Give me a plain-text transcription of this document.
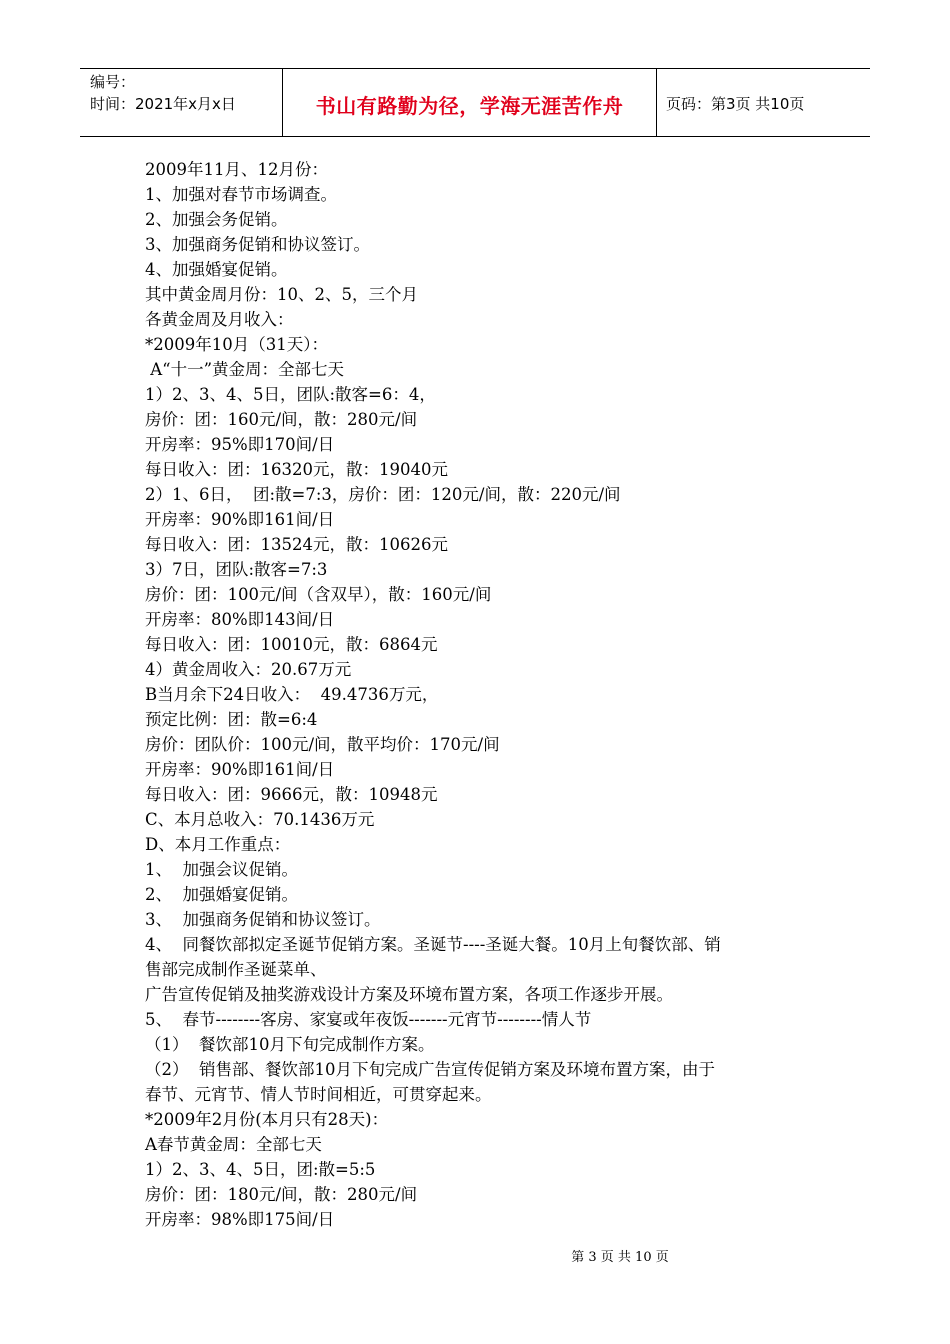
编号：
时间：2021年x月x日	书山有路勤为径，学海无涯苦作舟	页码：第3页 共10页
2009年11月、12月份：
1、加强对春节市场调查。
2、加强会务促销。
3、加强商务促销和协议签订。
4、加强婚宴促销。
其中黄金周月份：10、2、5，三个月
各黄金周及月收入：
*2009年10月（31天）：
A“十一”黄金周：全部七天
1）2、3、4、5日，团队:散客=6：4，
房价：团：160元/间，散：280元/间
开房率：95%即170间/日
每日收入：团：16320元，散：19040元
2）1、6日，  团:散=7:3，房价：团：120元/间，散：220元/间
开房率：90%即161间/日
每日收入：团：13524元，散：10626元
3）7日，团队:散客=7:3
房价：团：100元/间（含双早），散：160元/间
开房率：80%即143间/日
每日收入：团：10010元，散：6864元
4）黄金周收入：20.67万元
B当月余下24日收入：  49.4736万元，
预定比例：团：散=6:4
房价：团队价：100元/间，散平均价：170元/间
开房率：90%即161间/日
每日收入：团：9666元，散：10948元
C、本月总收入：70.1436万元
D、本月工作重点：
1、  加强会议促销。
2、  加强婚宴促销。
3、  加强商务促销和协议签订。
4、  同餐饮部拟定圣诞节促销方案。圣诞节----圣诞大餐。10月上旬餐饮部、销
售部完成制作圣诞菜单、
广告宣传促销及抽奖游戏设计方案及环境布置方案，各项工作逐步开展。
5、  春节--------客房、家宴或年夜饭-------元宵节--------情人节
（1）  餐饮部10月下旬完成制作方案。
（2）  销售部、餐饮部10月下旬完成广告宣传促销方案及环境布置方案，由于
春节、元宵节、情人节时间相近，可贯穿起来。
*2009年2月份(本月只有28天)：
A春节黄金周：全部七天
1）2、3、4、5日，团:散=5:5
房价：团：180元/间，散：280元/间
开房率：98%即175间/日
第 3 页 共 10 页
